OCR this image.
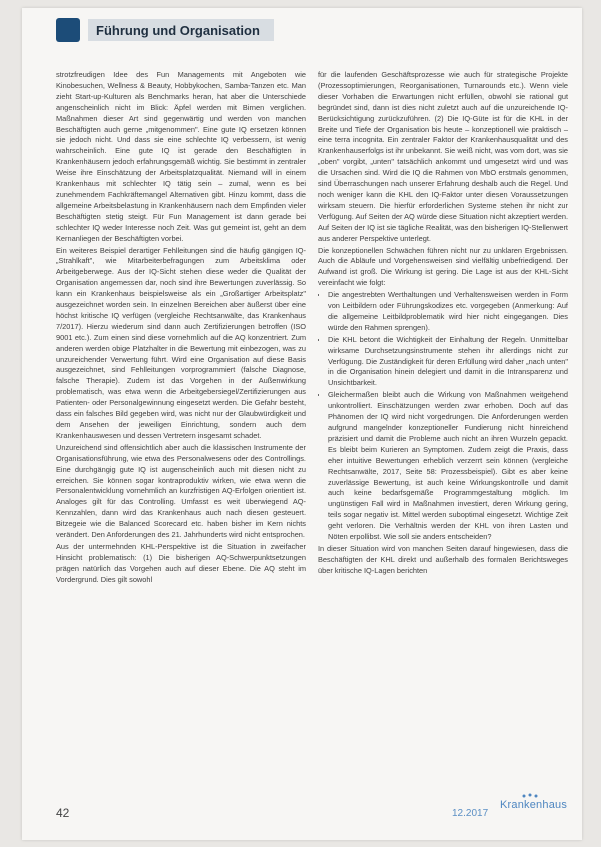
Führung und Organisation

strotzfreudigen Idee des Fun Managements mit Angeboten wie Kinobesuchen, Wellness & Beauty, Hobbykochen, Samba-Tanzen etc. Man zieht Start-up-Kulturen als Benchmarks heran, hat aber die Unterschiede angenscheinlich nicht im Blick: Äpfel werden mit Birnen verglichen. Maßnahmen dieser Art sind gegenwärtig und werden von manchen Beschäftigten auch gerne „mitgenommen". Eine gute IQ ersetzen können sie jedoch nicht. Und dass sie eine schlechte IQ verbessern, ist wenig wahrscheinlich. Eine gute IQ ist gerade den Beschäftigten in Krankenhäusern jedoch erfahrungsgemäß wichtig. Sie bestimmt in zentraler Weise ihre Einschätzung der Arbeitsplatzqualität. Niemand will in einem Krankenhaus mit schlechter IQ tätig sein – zumal, wenn es bei zunehmendem Fachkräftemangel Alternativen gibt. Hinzu kommt, dass die allgemeine Arbeitsbelastung in Krankenhäusern nach dem Empfinden vieler Beschäftigten stetig steigt. Für Fun Management ist dann gerade bei schlechter IQ weder Interesse noch Zeit. Was gut gemeint ist, geht an dem Kernanliegen der Beschäftigten vorbei.

Ein weiteres Beispiel derartiger Fehlleitungen sind die häufig gängigen IQ-„Strahlkaft", wie Mitarbeiterbefragungen zum Arbeitsklima oder Arbeitgeberwege. Aus der IQ-Sicht stehen diese weder die Qualität der Organisation angemessen dar, noch sind ihre Bewertungen zuverlässig. So kann ein Krankenhaus beispielsweise als ein „Großartiger Arbeitsplatz" ausgezeichnet worden sein. In einzelnen Bereichen aber äußerst über eine höchst kritische IQ verfügen (vergleiche Rechtsanwälte, das Krankenhaus 7/2017). Hierzu wiederum sind dann auch Zertifizierungen betroffen (ISO 9001 etc.). Zum einen sind diese vornehmlich auf die AQ konzentriert. Zum anderen werden obige Platzhalter in die Bewertung mit einbezogen, was zu unzureichender Verwertung führt. Wird eine Organisation auf diese Basis ausgezeichnet, sind Fehlleitungen vorprogrammiert (falsche Diagnose, falsche Therapie). Zudem ist das Vorgehen in der Außenwirkung problematisch, was etwa wenn die Arbeitgebersiegel/Zertifizierungen aus Patienten- oder Personalgewinnung eingesetzt werden. Die Gefahr besteht, dass ein falsches Bild gegeben wird, was nicht nur der Glaubwürdigkeit und dem Ansehen der jeweiligen Einrichtung, sondern auch dem Krankenhauswesen und dessen Vertretern insgesamt schadet.

Unzureichend sind offensichtlich aber auch die klassischen Instrumente der Organisationsführung, wie etwa des Personalwesens oder des Controllings. Eine durchgängig gute IQ ist augenscheinlich auch mit diesen nicht zu erreichen. Sie können sogar kontraproduktiv wirken, wie etwa wenn die Personalentwicklung vornehmlich an kurzfristigen AQ-Erfolgen orientiert ist. Analoges gilt für das Controlling. Umfasst es weit überwiegend AQ-Kennzahlen, dann wird das Krankenhaus auch nach diesen gesteuert. Bitzegeie wie die Balanced Scorecard etc. haben bisher im Kern nichts verändert. Den Anforderungen des 21. Jahrhunderts wird nicht entsprochen.

Aus der untermehnden KHL-Perspektive ist die Situation in zweifacher Hinsicht problematisch: (1) Die bisherigen AQ-Schwerpunktsetzungen prägen natürlich das Vorgehen auch auf dieser Ebene. Die AQ steht im Vordergrund. Dies gilt sowohl

für die laufenden Geschäftsprozesse wie auch für strategische Projekte (Prozessoptimierungen, Reorganisationen, Turnarounds etc.). Wenn viele dieser Vorhaben die Erwartungen nicht erfüllen, obwohl sie rational gut begründet sind, dann ist dies nicht zuletzt auch auf die unzureichende IQ-Berücksichtigung zurückzuführen. (2) Die IQ-Güte ist für die KHL in der Breite und Tiefe der Organisation bis heute – konzeptionell wie praktisch – eine terra incognita. Ein zentraler Faktor der Krankenhausqualität und des Krankenhauserfolgs ist ihr unbekannt. Sie weiß nicht, was vom dort, was sie „oben" vorgibt, „unten" tatsächlich ankommt und umgesetzt wird und was die Ursachen sind. Wird die IQ die Rahmen von MbO erstmals genommen, sind Überraschungen nach unserer Erfahrung deshalb auch die Regel. Und noch weniger kann die KHL den IQ-Faktor unter diesen Voraussetzungen wirksam steuern. Die hierfür erforderlichen Systeme stehen ihr nicht zur Verfügung. Auf Seiten der AQ würde diese Situation nicht akzeptiert werden. Auf Seiten der IQ ist sie tägliche Realität, was den bisherigen IQ-Stellenwert aus anderer Perspektive unterlegt.

Die konzeptionellen Schwächen führen nicht nur zu unklaren Ergebnissen. Auch die Abläufe und Vorgehensweisen sind vielfältig unbefriedigend. Der Aufwand ist groß. Die Wirkung ist gering. Die Lage ist aus der KHL-Sicht vereinfacht wie folgt:

• Die angestrebten Werthaltungen und Verhaltensweisen werden in Form von Leitbildern oder Führungskodizes etc. vorgegeben (Anmerkung: Auf die allgemeine Leitbildproblematik wird hier nicht eingegangen. Dies würde den Rahmen sprengen).
• Die KHL betont die Wichtigkeit der Einhaltung der Regeln. Unmittelbar wirksame Durchsetzungsinstrumente stehen ihr allerdings nicht zur Verfügung. Die Zuständigkeit für deren Erfüllung wird daher „nach unten" in die Organisation hinein delegiert und damit in die Intransparenz und Unsichtbarkeit.
• Gleichermaßen bleibt auch die Wirkung von Maßnahmen weitgehend unkontrolliert. Einschätzungen werden zwar erhoben. Doch auf das Phänomen der IQ wird nicht vorgedrungen. Die Anforderungen werden aufgrund mangelnder konzeptioneller Fundierung nicht hinreichend präzisiert und damit die Probleme auch nicht an ihren Wurzeln gepackt. Es bleibt beim Kurieren an Symptomen. Zudem zeigt die Praxis, dass eher intuitive Bewertungen erheblich verzerrt sein können (vergleiche Rechtsanwälte, 2017, Seite 58: Prozessbeispiel). Gibt es aber keine zuverlässige Bewertung, ist auch keine Wirkungskontrolle und damit auch keine bedarfsgemäße Programmgestaltung möglich. Im ungünstigen Fall wird in Maßnahmen investiert, deren Wirkung gering, teils sogar negativ ist. Mittel werden suboptimal eingesetzt. Wichtige Zeit geht verloren. Die Verhältnis werden der KHL von ihren Lasten und Nöten erpollibst. Wie soll sie anders entscheiden?

In dieser Situation wird von manchen Seiten darauf hingewiesen, dass die Beschäftigten der KHL direkt und außerhalb des formalen Berichtsweges über kritische IQ-Lagen berichten

42	12.2017
Krankenhaus
